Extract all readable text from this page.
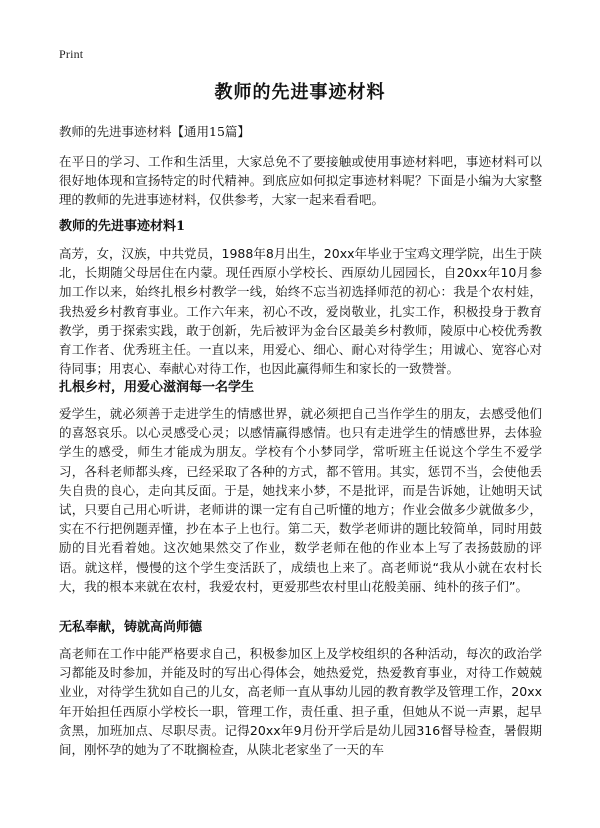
Print
教师的先进事迹材料
教师的先进事迹材料【通用15篇】
在平日的学习、工作和生活里，大家总免不了要接触或使用事迹材料吧，事迹材料可以很好地体现和宣扬特定的时代精神。到底应如何拟定事迹材料呢？下面是小编为大家整理的教师的先进事迹材料，仅供参考，大家一起来看看吧。
教师的先进事迹材料1
高芳，女，汉族，中共党员，1988年8月出生，20xx年毕业于宝鸡文理学院，出生于陕北，长期随父母居住在内蒙。现任西原小学校长、西原幼儿园园长，自20xx年10月参加工作以来，始终扎根乡村教学一线，始终不忘当初选择师范的初心：我是个农村娃，我热爱乡村教育事业。工作六年来，初心不改，爱岗敬业，扎实工作，积极投身于教育教学，勇于探索实践，敢于创新，先后被评为金台区最美乡村教师，陵原中心校优秀教育工作者、优秀班主任。一直以来，用爱心、细心、耐心对待学生；用诚心、宽容心对待同事；用衷心、奉献心对待工作，也因此赢得师生和家长的一致赞誉。
扎根乡村，用爱心滋润每一名学生
爱学生，就必须善于走进学生的情感世界，就必须把自己当作学生的朋友，去感受他们的喜怒哀乐。以心灵感受心灵；以感情赢得感情。也只有走进学生的情感世界，去体验学生的感受，师生才能成为朋友。学校有个小梦同学，常听班主任说这个学生不爱学习，各科老师都头疼，已经采取了各种的方式，都不管用。其实，惩罚不当，会使他丢失自贵的良心，走向其反面。于是，她找来小梦，不是批评，而是告诉她，让她明天试试，只要自己用心听讲，老师讲的课一定有自己听懂的地方；作业会做多少就做多少，实在不行把例题弄懂，抄在本子上也行。第二天，数学老师讲的题比较简单，同时用鼓励的目光看着她。这次她果然交了作业，数学老师在他的作业本上写了表扬鼓励的评语。就这样，慢慢的这个学生变活跃了，成绩也上来了。高老师说“我从小就在农村长大，我的根本来就在农村，我爱农村，更爱那些农村里山花般美丽、纯朴的孩子们”。
无私奉献，铸就高尚师德
高老师在工作中能严格要求自己，积极参加区上及学校组织的各种活动，每次的政治学习都能及时参加，并能及时的写出心得体会，她热爱党，热爱教育事业，对待工作兢兢业业，对待学生犹如自己的儿女，高老师一直从事幼儿园的教育教学及管理工作，20xx年开始担任西原小学校长一职，管理工作，责任重、担子重，但她从不说一声累，起早贪黑，加班加点、尽职尽责。记得20xx年9月份开学后是幼儿园316督导检查，暑假期间，刚怀孕的她为了不耽搁检查，从陕北老家坐了一天的车
